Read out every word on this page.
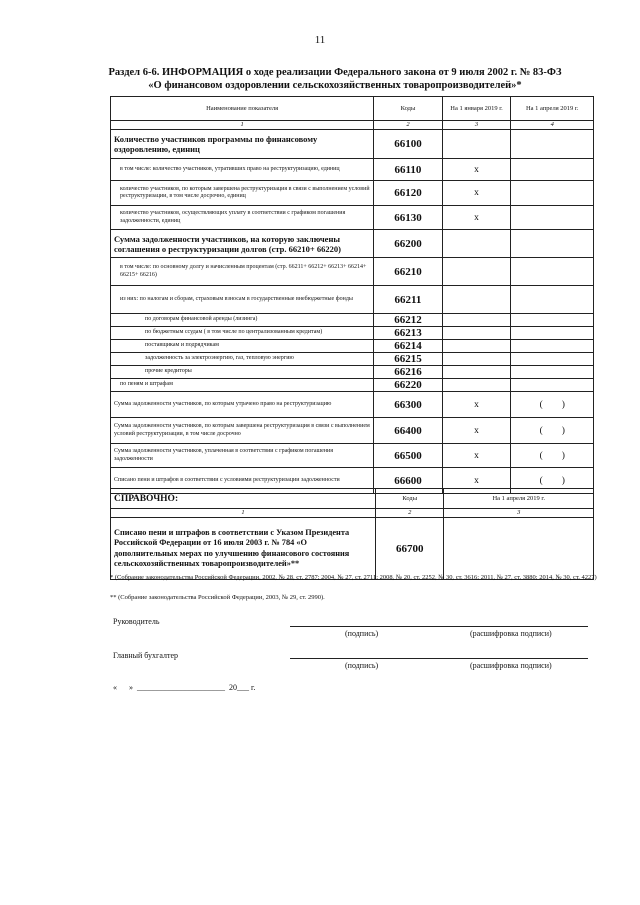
11
Раздел 6-6. ИНФОРМАЦИЯ о ходе реализации Федерального закона от 9 июля 2002 г. № 83-ФЗ
«О финансовом оздоровлении сельскохозяйственных товаропроизводителей»*
Наименование показателя	Коды	На 1 января 2019 г.	На 1 апреля 2019 г.
1	2	3	4
Количество участников программы по финансовому оздоровлению, единиц	66100		
в том числе: количество участников, утративших право на реструктуризацию, единиц	66110	x	
количество участников, по которым завершена реструктуризация в связи с выполнением условий реструктуризации, в том числе досрочно, единиц	66120	x	
количество участников, осуществляющих уплату в соответствии с графиком погашения задолженности, единиц	66130	x	
Сумма задолженности участников, на которую заключены соглашения о реструктуризации долгов (стр. 66210+ 66220)	66200		
в том числе: по основному долгу и начисленным процентам (стр. 66211+ 66212+ 66213+ 66214+ 66215+ 66216)	66210		
из них: по налогам и сборам, страховым взносам в государственные внебюджетные фонды	66211		
по договорам финансовой аренды (лизинга)	66212		
по бюджетным ссудам ( в том числе по централизованным кредитам)	66213		
поставщикам и подрядчикам	66214		
задолженность за электроэнергию, газ, тепловую энергию	66215		
прочие кредиторы	66216		
по пеням и штрафам	66220		
Сумма задолженности участников, по которым утрачено право на реструктуризацию	66300	x	(        )
Сумма задолженности участников, по которым завершена реструктуризация в связи с выполнением условий реструктуризации, в том числе досрочно	66400	x	(        )
Сумма задолженности участников, уплаченная в соответствии с графиком погашения задолженности	66500	x	(        )
Списано пени и штрафов в соответствии с условиями реструктуризации задолженности	66600	x	(        )
СПРАВОЧНО:	Коды	На 1 апреля 2019 г.
1	2	3
Списано пени и штрафов в соответствии с Указом Президента Российской Федерации от 16 июля 2003 г. № 784 «О дополнительных мерах по улучшению финансового состояния сельскохозяйственных товаропроизводителей»**	66700	
* (Собрание законодательства Российской Федерации, 2002, № 28, ст. 2787; 2004, № 27, ст. 2711; 2008, № 20, ст. 2252, № 30, ст. 3616; 2011, № 27, ст. 3880; 2014, № 30, ст. 4227)
** (Собрание законодательства Российской Федерации, 2003, № 29, ст. 2990).
Руководитель
(подпись)	(расшифровка подписи)
Главный бухгалтер
(подпись)	(расшифровка подписи)
«      »  ______________________  20___ г.
